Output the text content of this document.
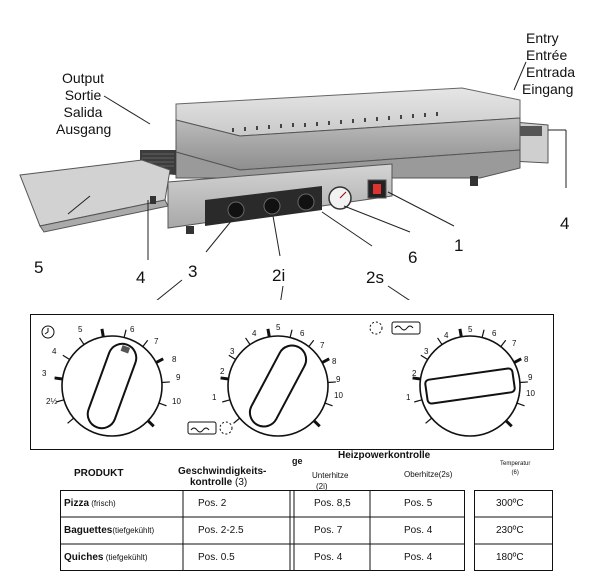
Output
Sortie
Salida
Ausgang
Entry
Entrée
Entrada
Eingang
5
4	3	2i
6
1
2s
4
2½
3
4
5	6
7
8
9
10	1
2
3
4
5
6
7
8
9
10	1
2
3
4
5 6
7
8
9
10
PRODUKT	Geschwindigkeits-
kontrolle (3)
ge	Heizpowerkontrolle
Unterhitze
(2i)
Oberhitze(2s)
Temperatur
(6)
Pizza (frisch)	Pos. 2	Pos. 8,5	Pos. 5	300ºC
Baguettes(tiefgekühlt)	Pos. 2-2.5	Pos. 7	Pos. 4	230ºC
Quiches (tiefgekühlt)	Pos. 0.5	Pos. 4	Pos. 4	180ºC
